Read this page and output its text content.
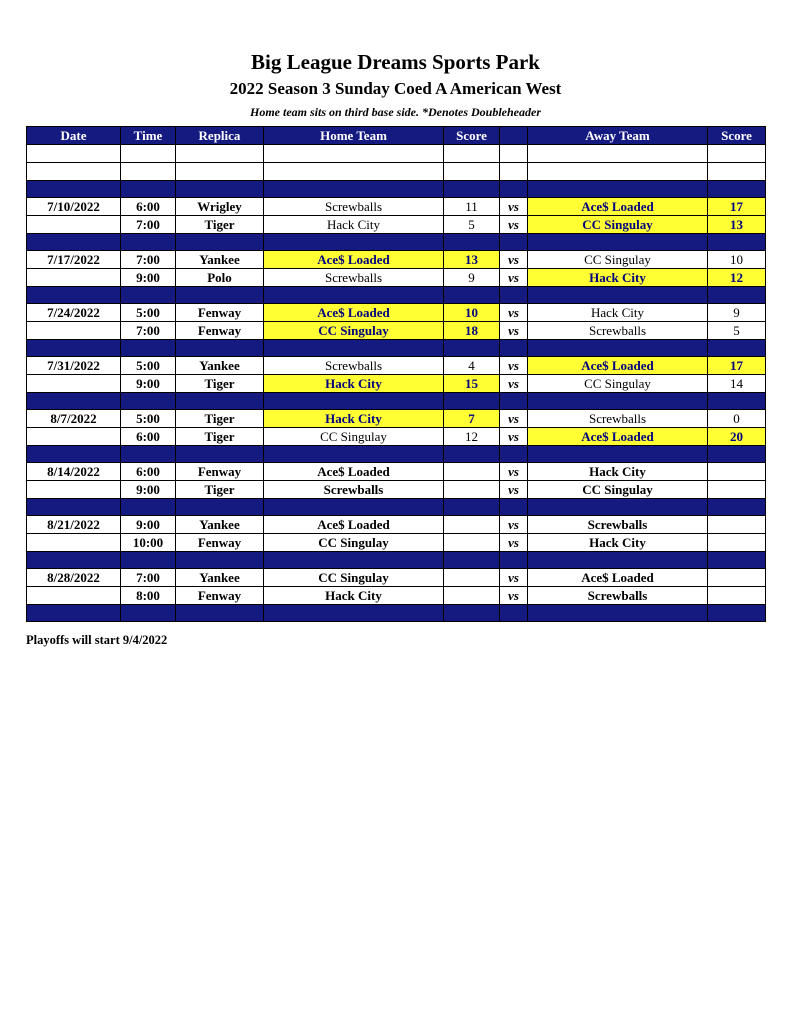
Big League Dreams Sports Park
2022 Season 3 Sunday Coed A American West
Home team sits on third base side. *Denotes Doubleheader
Date	Time	Replica	Home Team	Score		Away Team	Score

7/10/2022	6:00	Wrigley	Screwballs	11	vs	Ace$ Loaded	17
	7:00	Tiger	Hack City	5	vs	CC Singulay	13

7/17/2022	7:00	Yankee	Ace$ Loaded	13	vs	CC Singulay	10
	9:00	Polo	Screwballs	9	vs	Hack City	12

7/24/2022	5:00	Fenway	Ace$ Loaded	10	vs	Hack City	9
	7:00	Fenway	CC Singulay	18	vs	Screwballs	5

7/31/2022	5:00	Yankee	Screwballs	4	vs	Ace$ Loaded	17
	9:00	Tiger	Hack City	15	vs	CC Singulay	14

8/7/2022	5:00	Tiger	Hack City	7	vs	Screwballs	0
	6:00	Tiger	CC Singulay	12	vs	Ace$ Loaded	20

8/14/2022	6:00	Fenway	Ace$ Loaded		vs	Hack City	
	9:00	Tiger	Screwballs		vs	CC Singulay	

8/21/2022	9:00	Yankee	Ace$ Loaded		vs	Screwballs	
	10:00	Fenway	CC Singulay		vs	Hack City	

8/28/2022	7:00	Yankee	CC Singulay		vs	Ace$ Loaded	
	8:00	Fenway	Hack City		vs	Screwballs	

Playoffs will start 9/4/2022
